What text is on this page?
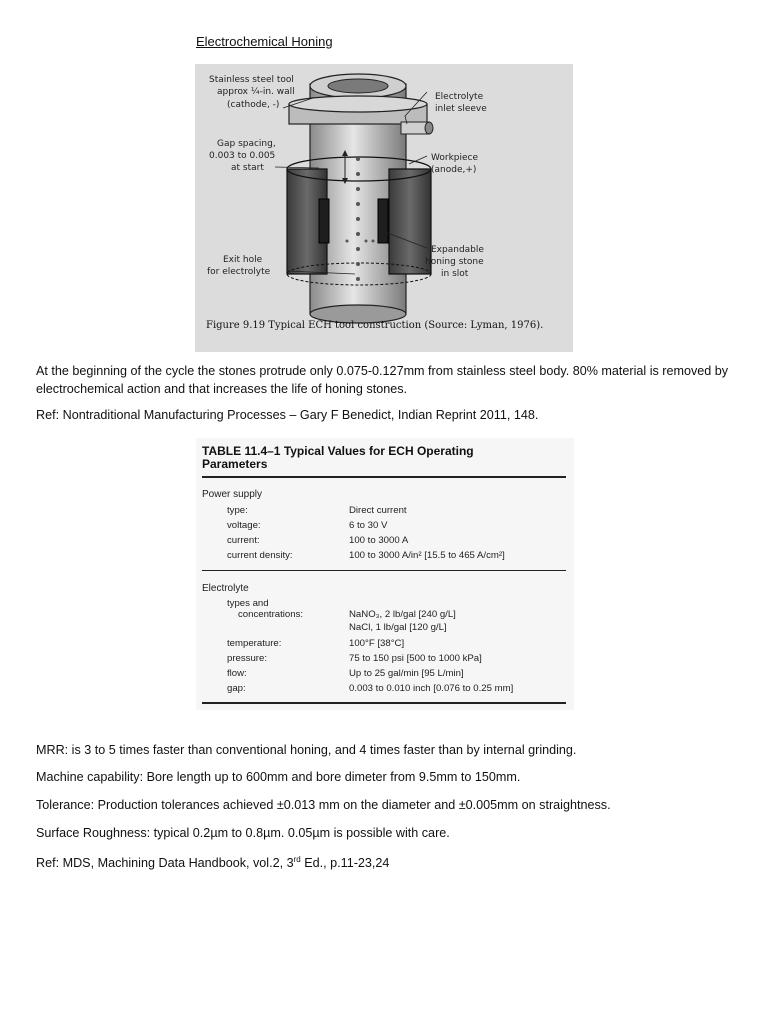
Electrochemical Honing
Stainless steel tool
approx ¼-in. wall
(cathode, -)
Gap spacing,
0.003 to 0.005
at start
Exit hole
for electrolyte
Electrolyte
inlet sleeve
Workpiece
(anode,+)
Expandable
honing stone
in slot
Figure 9.19 Typical ECH tool construction (Source: Lyman, 1976).

At the beginning of the cycle the stones protrude only 0.075-0.127mm from stainless steel body. 80% material is removed by electrochemical action and that increases the life of honing stones.

Ref: Nontraditional Manufacturing Processes – Gary F Benedict, Indian Reprint 2011, 148.

TABLE 11.4–1 Typical Values for ECH Operating
Parameters
Power supply
type:	Direct current
voltage:	6 to 30 V
current:	100 to 3000 A
current density:	100 to 3000 A/in² [15.5 to 465 A/cm²]
Electrolyte
types and
concentrations:	NaNO₃, 2 lb/gal [240 g/L]
NaCl, 1 lb/gal [120 g/L]
temperature:	100°F [38°C]
pressure:	75 to 150 psi [500 to 1000 kPa]
flow:	Up to 25 gal/min [95 L/min]
gap:	0.003 to 0.010 inch [0.076 to 0.25 mm]

MRR: is 3 to 5 times faster than conventional honing, and 4 times faster than by internal grinding.

Machine capability: Bore length up to 600mm and bore dimeter from 9.5mm to 150mm.

Tolerance: Production tolerances achieved ±0.013 mm on the diameter and ±0.005mm on straightness.

Surface Roughness: typical 0.2µm to 0.8µm. 0.05µm is possible with care.

Ref: MDS, Machining Data Handbook, vol.2, 3rd Ed., p.11-23,24
